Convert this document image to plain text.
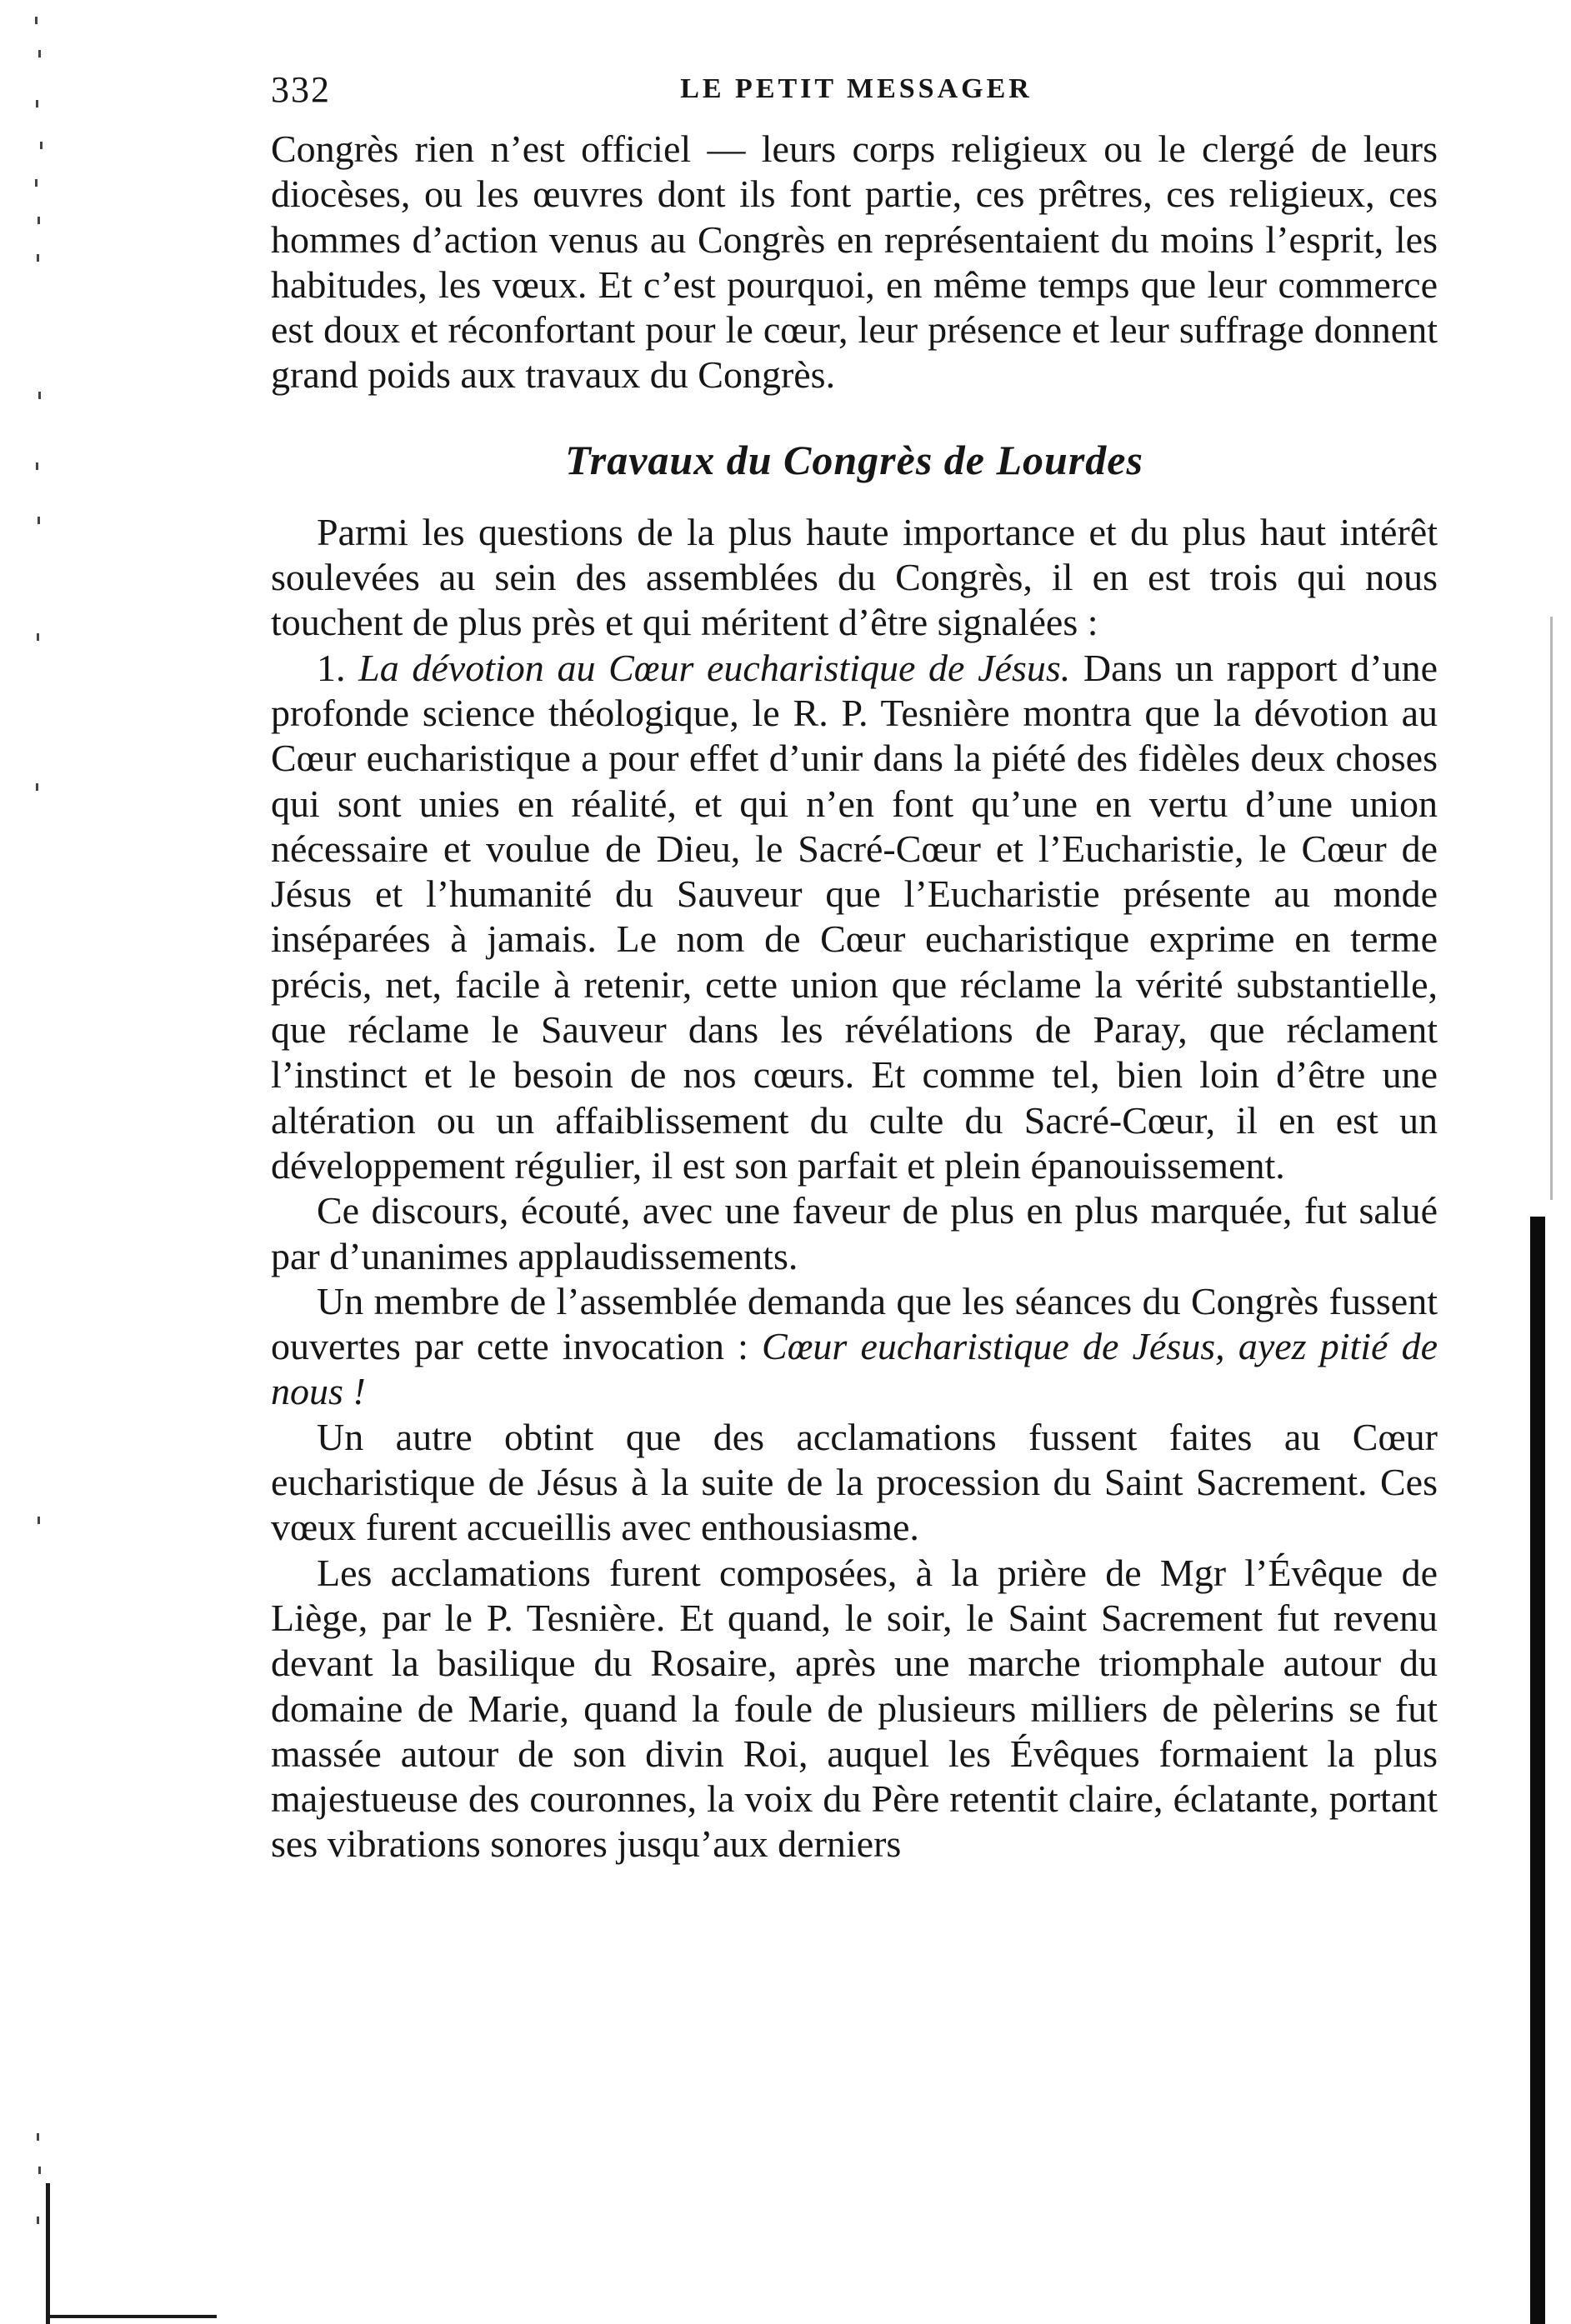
332	LE PETIT MESSAGER

Congrès rien n’est officiel — leurs corps religieux ou le clergé de leurs diocèses, ou les œuvres dont ils font partie, ces prêtres, ces religieux, ces hommes d’action venus au Congrès en représentaient du moins l’esprit, les habitudes, les vœux. Et c’est pourquoi, en même temps que leur commerce est doux et réconfortant pour le cœur, leur présence et leur suffrage donnent grand poids aux travaux du Congrès.

Travaux du Congrès de Lourdes

Parmi les questions de la plus haute importance et du plus haut intérêt soulevées au sein des assemblées du Congrès, il en est trois qui nous touchent de plus près et qui méritent d’être signalées :

1. La dévotion au Cœur eucharistique de Jésus. Dans un rapport d’une profonde science théologique, le R. P. Tesnière montra que la dévotion au Cœur eucharistique a pour effet d’unir dans la piété des fidèles deux choses qui sont unies en réalité, et qui n’en font qu’une en vertu d’une union nécessaire et voulue de Dieu, le Sacré-Cœur et l’Eucharistie, le Cœur de Jésus et l’humanité du Sauveur que l’Eucharistie présente au monde inséparées à jamais. Le nom de Cœur eucharistique exprime en terme précis, net, facile à retenir, cette union que réclame la vérité substantielle, que réclame le Sauveur dans les révélations de Paray, que réclament l’instinct et le besoin de nos cœurs. Et comme tel, bien loin d’être une altération ou un affaiblissement du culte du Sacré-Cœur, il en est un développement régulier, il est son parfait et plein épanouissement.

Ce discours, écouté, avec une faveur de plus en plus marquée, fut salué par d’unanimes applaudissements.

Un membre de l’assemblée demanda que les séances du Congrès fussent ouvertes par cette invocation : Cœur eucharistique de Jésus, ayez pitié de nous !

Un autre obtint que des acclamations fussent faites au Cœur eucharistique de Jésus à la suite de la procession du Saint Sacrement. Ces vœux furent accueillis avec enthousiasme.

Les acclamations furent composées, à la prière de Mgr l’Évêque de Liège, par le P. Tesnière. Et quand, le soir, le Saint Sacrement fut revenu devant la basilique du Rosaire, après une marche triomphale autour du domaine de Marie, quand la foule de plusieurs milliers de pèlerins se fut massée autour de son divin Roi, auquel les Évêques formaient la plus majestueuse des couronnes, la voix du Père retentit claire, éclatante, portant ses vibrations sonores jusqu’aux derniers
